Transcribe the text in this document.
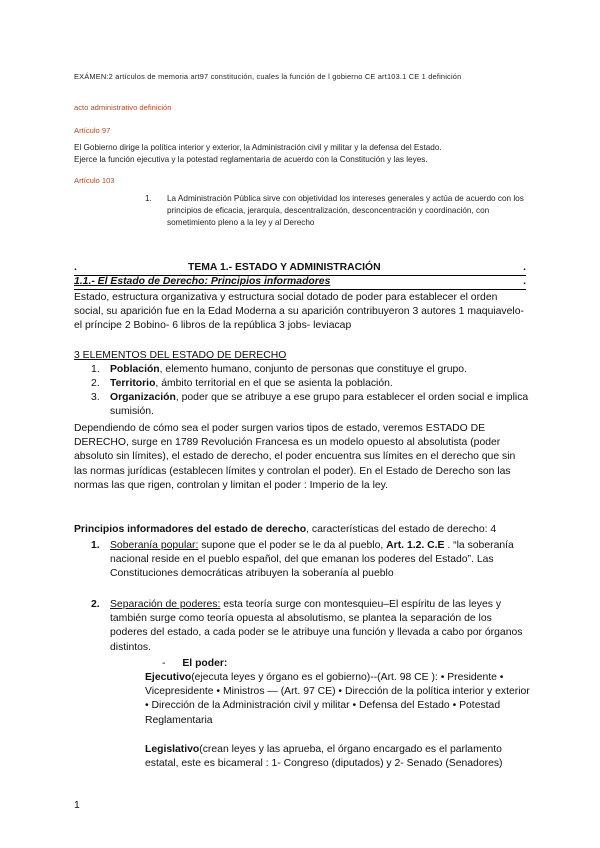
EXÁMEN:2 artículos de memoria art97 constitución, cuales la función de l gobierno CE art103.1 CE 1 definición
acto administrativo definición
Artículo 97
El Gobierno dirige la política interior y exterior, la Administración civil y militar y la defensa del Estado.
Ejerce la función ejecutiva y la potestad reglamentaria de acuerdo con la Constitución y las leyes.
Artículo 103
1. La Administración Pública sirve con objetividad los intereses generales y actúa de acuerdo con los principios de eficacia, jerarquía, descentralización, desconcentración y coordinación, con sometimiento pleno a la ley y al Derecho
.	TEMA 1.- ESTADO Y ADMINISTRACIÓN	.
1.1.- El Estado de Derecho: Principios informadores	.
Estado, estructura organizativa y estructura social dotado de poder para establecer el orden social, su aparición fue en la Edad Moderna a su aparición contribuyeron 3 autores 1 maquiavelo- el príncipe 2 Bobino- 6 libros de la república 3 jobs- leviacap
3 ELEMENTOS DEL ESTADO DE DERECHO
1. Población, elemento humano, conjunto de personas que constituye el grupo.
2. Territorio, ámbito territorial en el que se asienta la población.
3. Organización, poder que se atribuye a ese grupo para establecer el orden social e implica sumisión.
Dependiendo de cómo sea el poder surgen varios tipos de estado, veremos ESTADO DE DERECHO, surge en 1789 Revolución Francesa es un modelo opuesto al absolutista (poder absoluto sin límites), el estado de derecho, el poder encuentra sus límites en el derecho que sin las normas jurídicas (establecen límites y controlan el poder). En el Estado de Derecho son las normas las que rigen, controlan y limitan el poder : Imperio de la ley.
Principios informadores del estado de derecho, características del estado de derecho: 4
1. Soberanía popular: supone que el poder se le da al pueblo, Art. 1.2. C.E . “la soberanía nacional reside en el pueblo español, del que emanan los poderes del Estado”. Las Constituciones democráticas atribuyen la soberanía al pueblo
2. Separación de poderes: esta teoría surge con montesquieu–El espíritu de las leyes y también surge como teoría opuesta al absolutismo, se plantea la separación de los poderes del estado, a cada poder se le atribuye una función y llevada a cabo por órganos distintos.
- El poder:
Ejecutivo(ejecuta leyes y órgano es el gobierno)--(Art. 98 CE ): • Presidente • Vicepresidente • Ministros — (Art. 97 CE) • Dirección de la política interior y exterior • Dirección de la Administración civil y militar • Defensa del Estado • Potestad Reglamentaria
Legislativo(crean leyes y las aprueba, el órgano encargado es el parlamento estatal, este es bicameral : 1- Congreso (diputados) y 2- Senado (Senadores)
1
